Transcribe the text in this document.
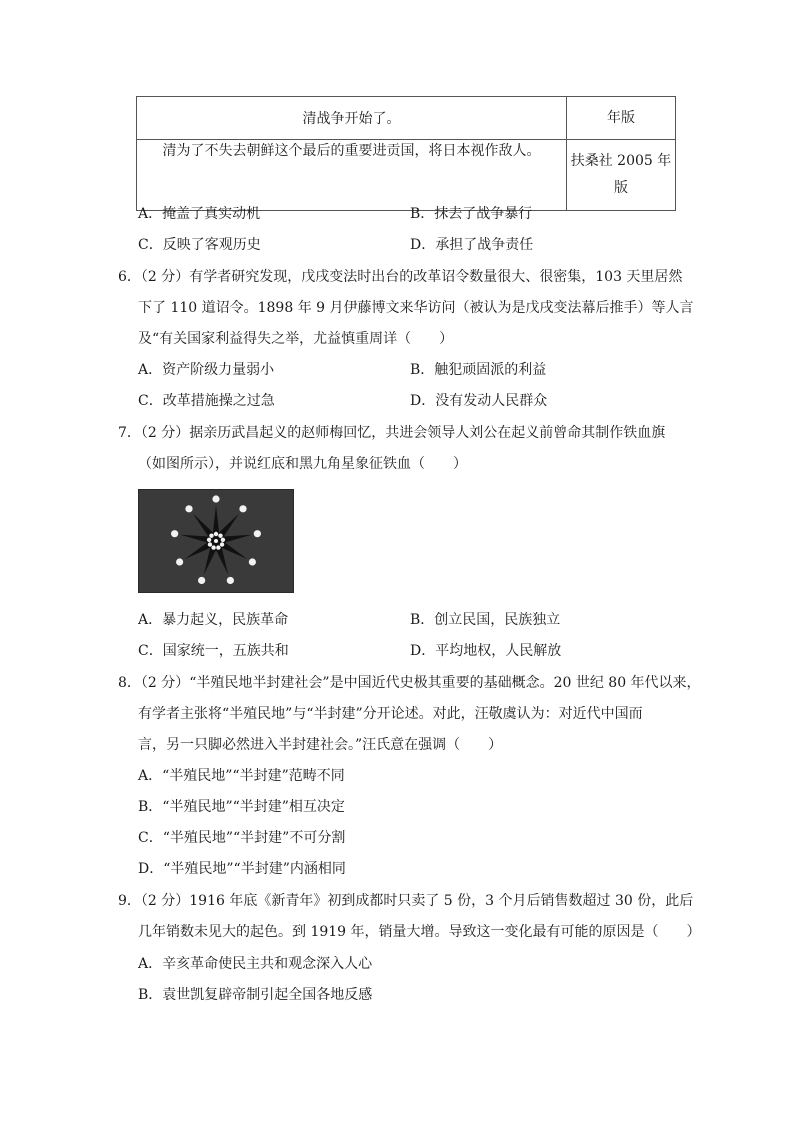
清战争开始了。	年版
清为了不失去朝鲜这个最后的重要进贡国，将日本视作敌人。	扶桑社 2005 年版
A．掩盖了真实动机	B．抹去了战争暴行
C．反映了客观历史	D．承担了战争责任
6．（2 分）有学者研究发现，戊戌变法时出台的改革诏令数量很大、很密集，103 天里居然
下了 110 道诏令。1898 年 9 月伊藤博文来华访问（被认为是戊戌变法幕后推手）等人言
及“有关国家利益得失之举，尤益慎重周详（　　）
A．资产阶级力量弱小	B．触犯顽固派的利益
C．改革措施操之过急	D．没有发动人民群众
7．（2 分）据亲历武昌起义的赵师梅回忆，共进会领导人刘公在起义前曾命其制作铁血旗
（如图所示），并说红底和黑九角星象征铁血（　　）
A．暴力起义，民族革命	B．创立民国，民族独立
C．国家统一，五族共和	D．平均地权，人民解放
8．（2 分）“半殖民地半封建社会”是中国近代史极其重要的基础概念。20 世纪 80 年代以来，
有学者主张将“半殖民地”与“半封建”分开论述。对此，汪敬虞认为：对近代中国而
言，另一只脚必然进入半封建社会。”汪氏意在强调（　　）
A．“半殖民地”“半封建”范畴不同
B．“半殖民地”“半封建”相互决定
C．“半殖民地”“半封建”不可分割
D．“半殖民地”“半封建”内涵相同
9．（2 分）1916 年底《新青年》初到成都时只卖了 5 份，3 个月后销售数超过 30 份，此后
几年销数未见大的起色。到 1919 年，销量大增。导致这一变化最有可能的原因是（　　）
A．辛亥革命使民主共和观念深入人心
B．袁世凯复辟帝制引起全国各地反感
